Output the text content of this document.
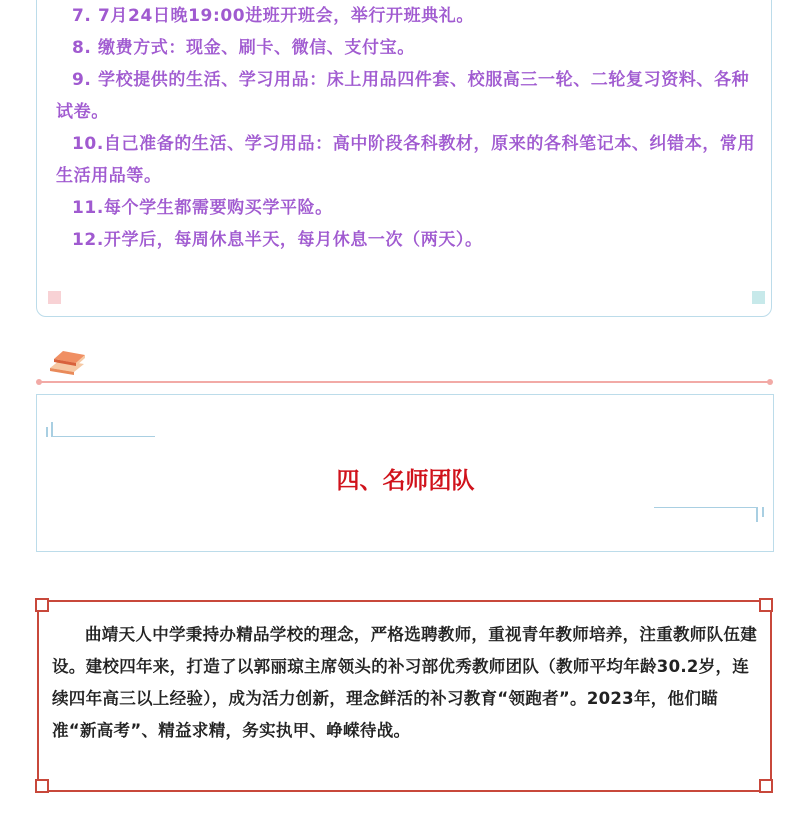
7. 7月24日晚19:00进班开班会，举行开班典礼。

8. 缴费方式：现金、刷卡、微信、支付宝。

9. 学校提供的生活、学习用品：床上用品四件套、校服高三一轮、二轮复习资料、各种试卷。

10.自己准备的生活、学习用品：高中阶段各科教材，原来的各科笔记本、纠错本，常用生活用品等。

11.每个学生都需要购买学平险。

12.开学后，每周休息半天，每月休息一次（两天）。

四、名师团队

曲靖天人中学秉持办精品学校的理念，严格选聘教师，重视青年教师培养，注重教师队伍建设。建校四年来，打造了以郭丽琼主席领头的补习部优秀教师团队（教师平均年龄30.2岁，连续四年高三以上经验），成为活力创新，理念鲜活的补习教育“领跑者”。2023年，他们瞄准“新高考”、精益求精，务实执甲、峥嵘待战。
